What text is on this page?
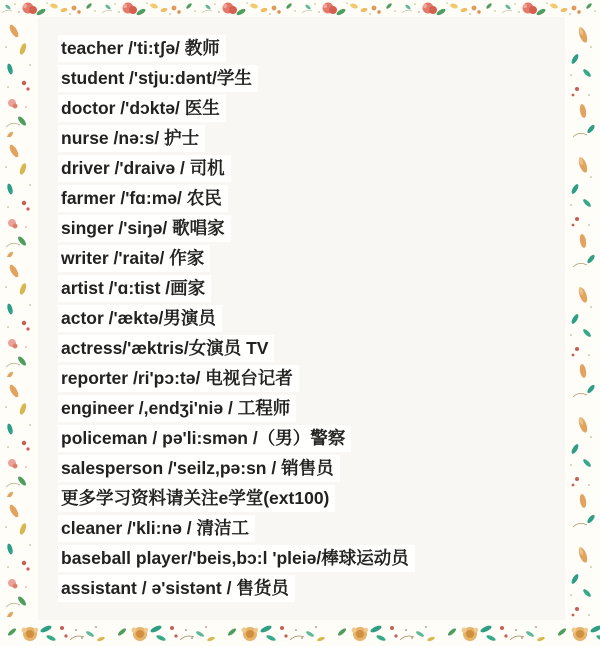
teacher /'ti:tʃə/ 教师
student /'stju:dənt/学生
doctor /'dɔktə/ 医生
nurse /nə:s/ 护士
driver /'draivə / 司机
farmer /'fɑ:mə/ 农民
singer /'siŋə/ 歌唱家
writer /'raitə/ 作家
artist /'ɑ:tist /画家
actor /'æktə/男演员
actress/'æktris/女演员 TV
reporter /ri'pɔ:tə/ 电视台记者
engineer /,endʒi'niə / 工程师
policeman / pə'li:smən /（男）警察
salesperson /'seilz,pə:sn / 销售员
更多学习资料请关注e学堂(ext100)
cleaner /'kli:nə / 清洁工
baseball player/'beis,bɔ:l 'pleiə/棒球运动员
assistant / ə'sistənt / 售货员
